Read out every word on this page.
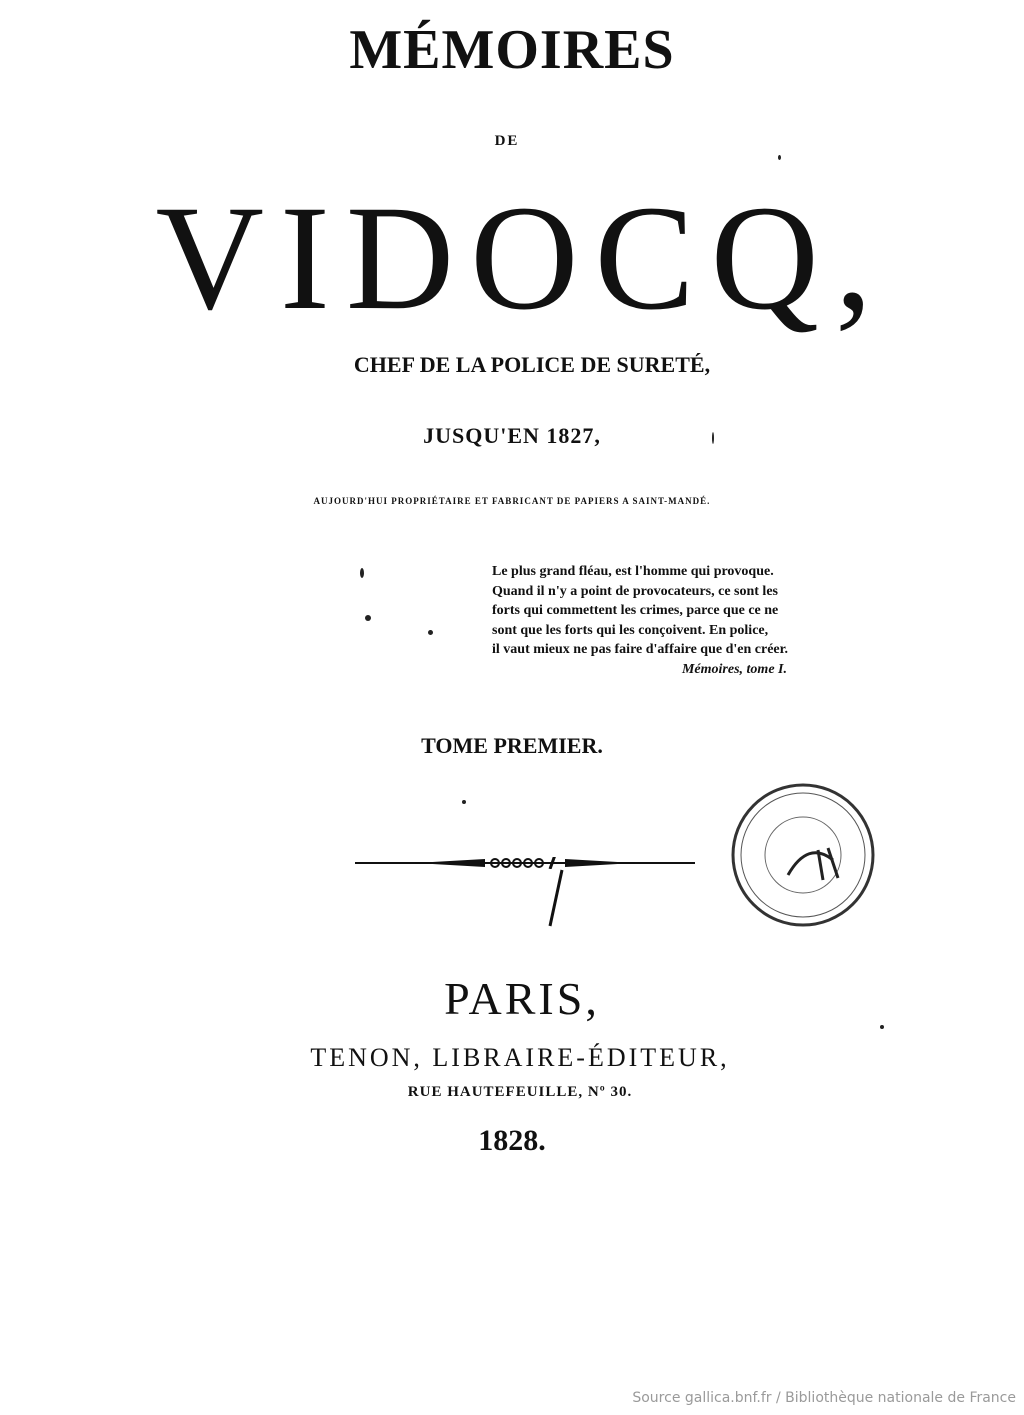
MÉMOIRES
DE
VIDOCQ,
CHEF DE LA POLICE DE SURETÉ,
JUSQU'EN 1827,
AUJOURD'HUI PROPRIÉTAIRE ET FABRICANT DE PAPIERS A SAINT-MANDÉ.
Le plus grand fléau, est l'homme qui provoque.
Quand il n'y a point de provocateurs, ce sont les
forts qui commettent les crimes, parce que ce ne
sont que les forts qui les conçoivent. En police,
il vaut mieux ne pas faire d'affaire que d'en créer.
Mémoires, tome I.
TOME PREMIER.
PARIS,
TENON, LIBRAIRE-ÉDITEUR,
RUE HAUTEFEUILLE, Nº 30.
1828.
Source gallica.bnf.fr / Bibliothèque nationale de France
